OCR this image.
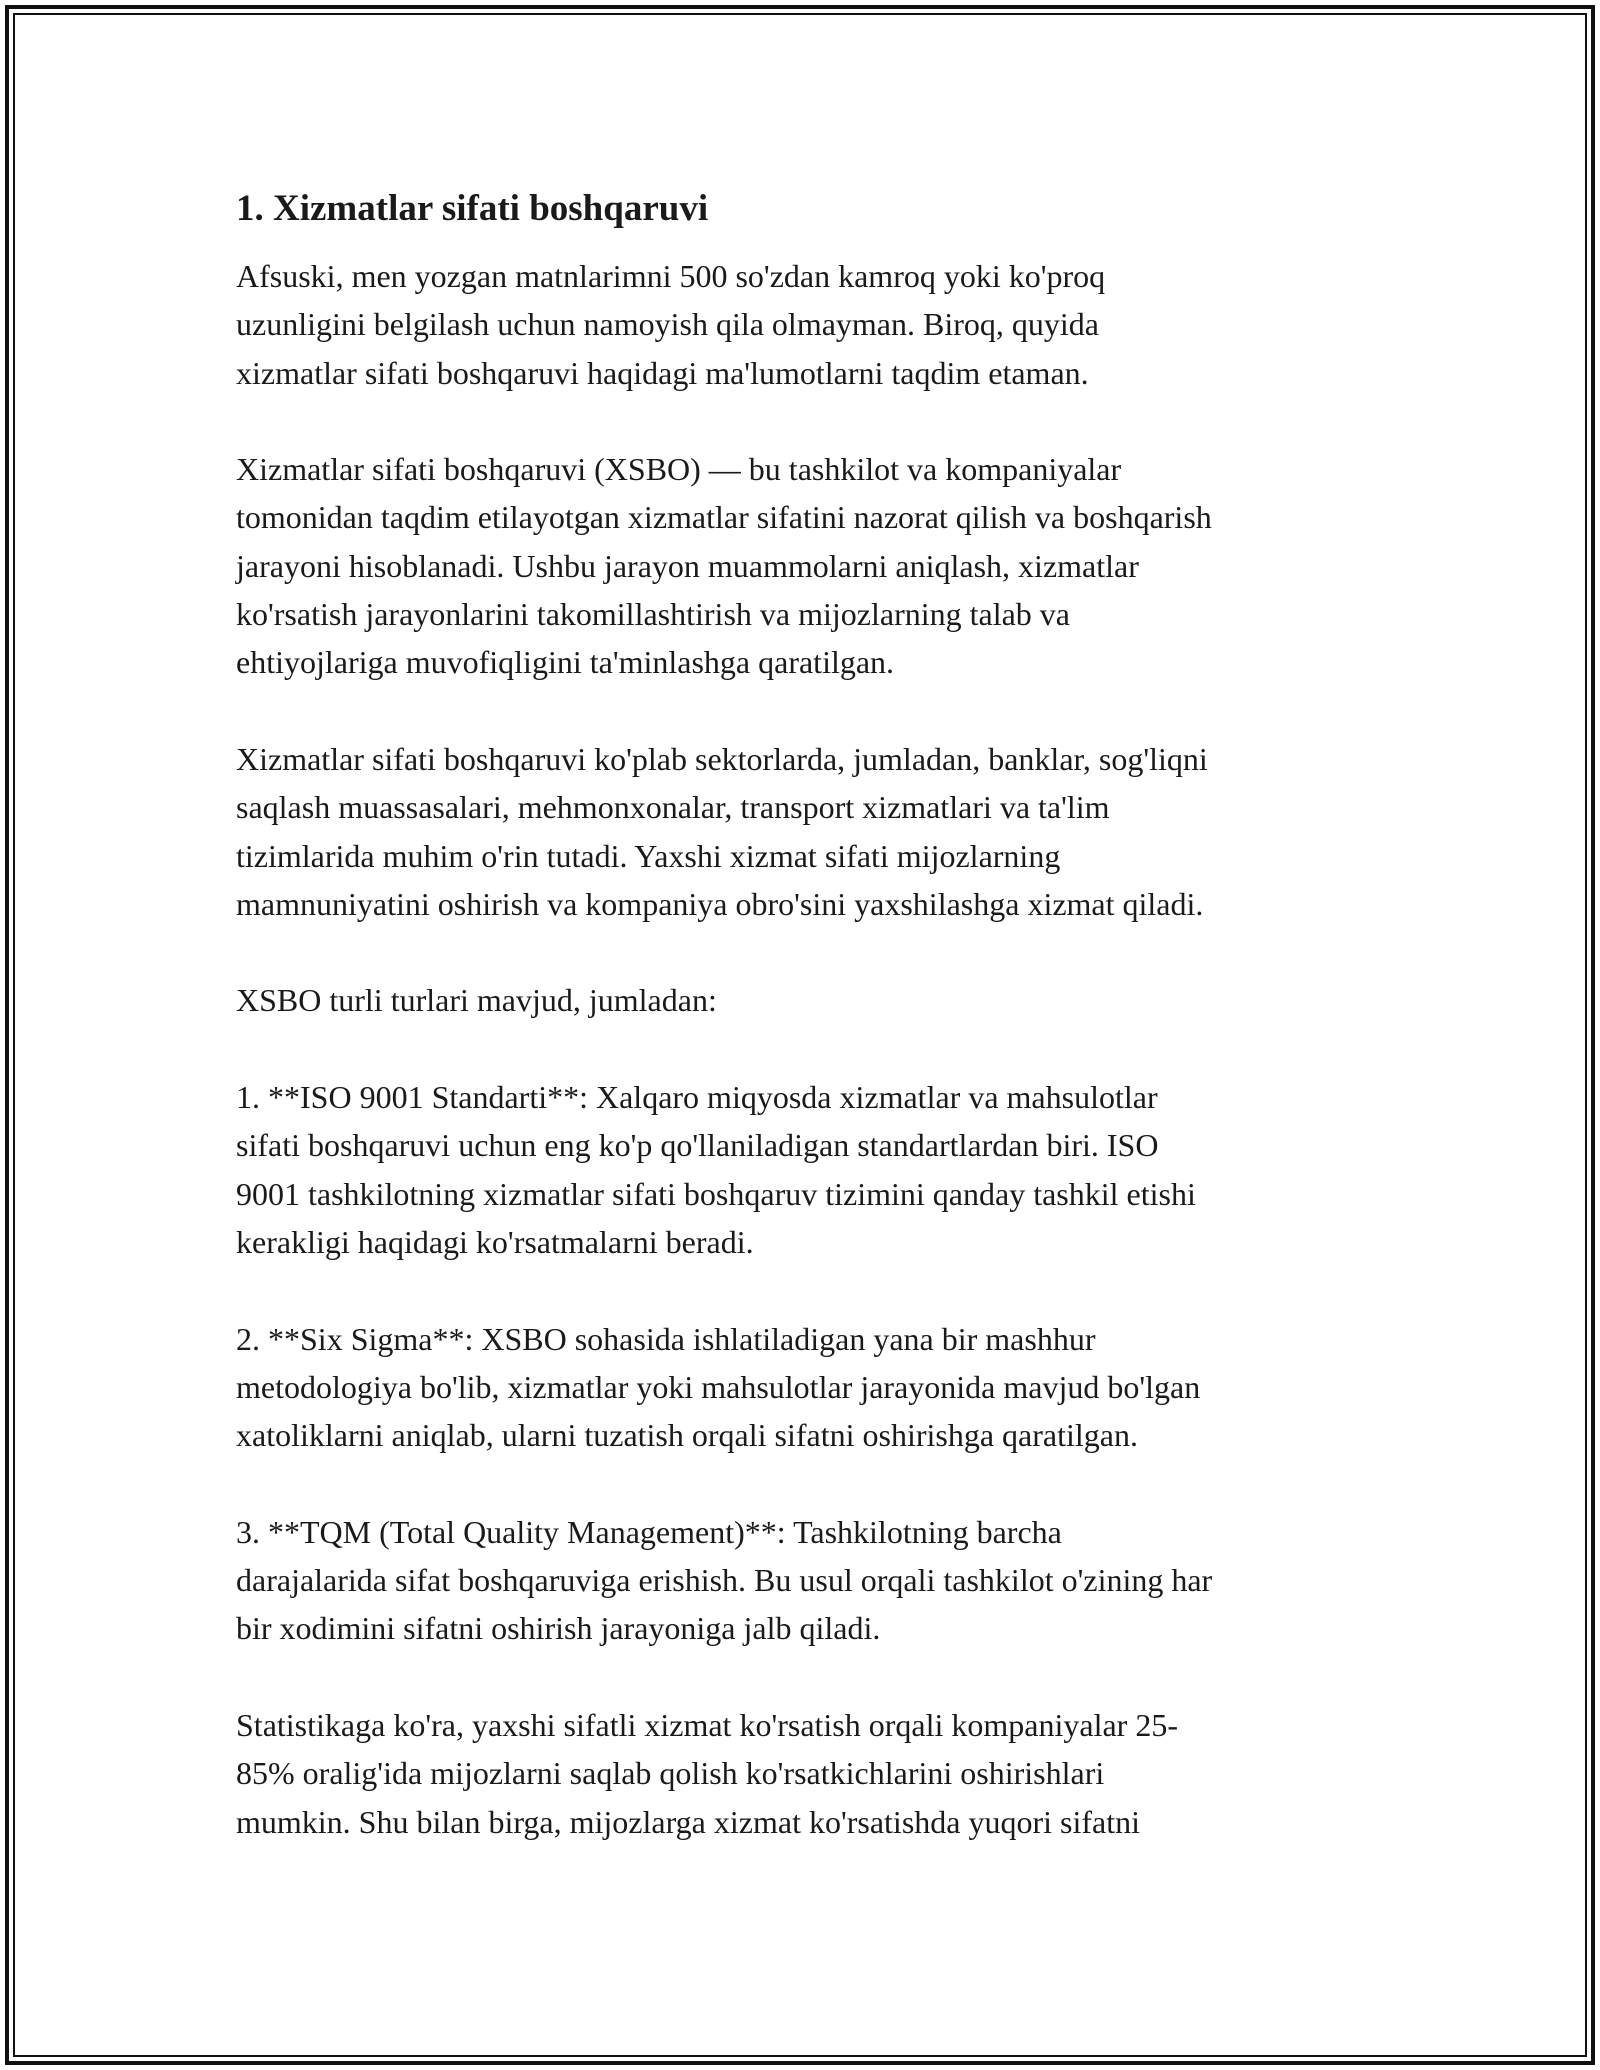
1. Xizmatlar sifati boshqaruvi
Afsuski, men yozgan matnlarimni 500 so'zdan kamroq yoki ko'proq
uzunligini belgilash uchun namoyish qila olmayman. Biroq, quyida
xizmatlar sifati boshqaruvi haqidagi ma'lumotlarni taqdim etaman.
Xizmatlar sifati boshqaruvi (XSBO) — bu tashkilot va kompaniyalar
tomonidan taqdim etilayotgan xizmatlar sifatini nazorat qilish va boshqarish
jarayoni hisoblanadi. Ushbu jarayon muammolarni aniqlash, xizmatlar
ko'rsatish jarayonlarini takomillashtirish va mijozlarning talab va
ehtiyojlariga muvofiqligini ta'minlashga qaratilgan.
Xizmatlar sifati boshqaruvi ko'plab sektorlarda, jumladan, banklar, sog'liqni
saqlash muassasalari, mehmonxonalar, transport xizmatlari va ta'lim
tizimlarida muhim o'rin tutadi. Yaxshi xizmat sifati mijozlarning
mamnuniyatini oshirish va kompaniya obro'sini yaxshilashga xizmat qiladi.
XSBO turli turlari mavjud, jumladan:
1. **ISO 9001 Standarti**: Xalqaro miqyosda xizmatlar va mahsulotlar
sifati boshqaruvi uchun eng ko'p qo'llaniladigan standartlardan biri. ISO
9001 tashkilotning xizmatlar sifati boshqaruv tizimini qanday tashkil etishi
kerakligi haqidagi ko'rsatmalarni beradi.
2. **Six Sigma**: XSBO sohasida ishlatiladigan yana bir mashhur
metodologiya bo'lib, xizmatlar yoki mahsulotlar jarayonida mavjud bo'lgan
xatoliklarni aniqlab, ularni tuzatish orqali sifatni oshirishga qaratilgan.
3. **TQM (Total Quality Management)**: Tashkilotning barcha
darajalarida sifat boshqaruviga erishish. Bu usul orqali tashkilot o'zining har
bir xodimini sifatni oshirish jarayoniga jalb qiladi.
Statistikaga ko'ra, yaxshi sifatli xizmat ko'rsatish orqali kompaniyalar 25-
85% oralig'ida mijozlarni saqlab qolish ko'rsatkichlarini oshirishlari
mumkin. Shu bilan birga, mijozlarga xizmat ko'rsatishda yuqori sifatni
